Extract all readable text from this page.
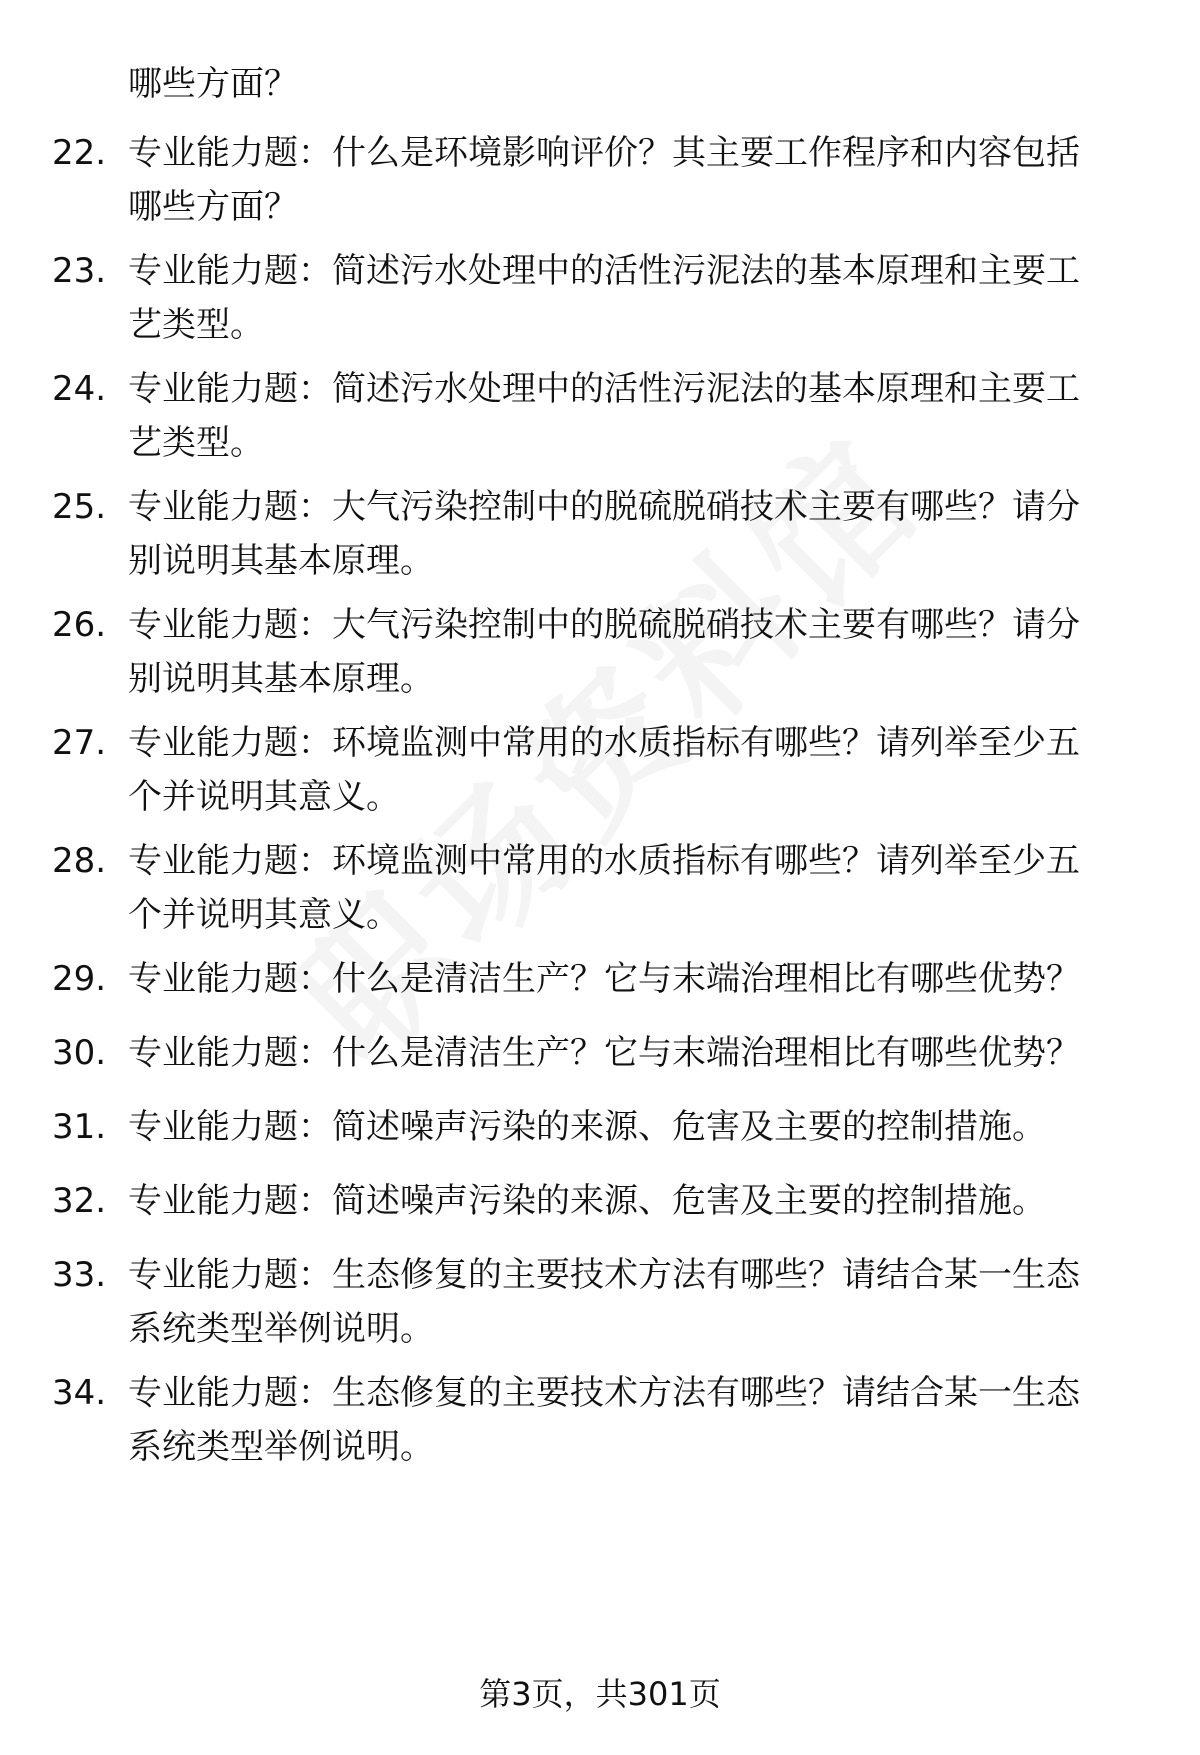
哪些方面？
22. 专业能力题：什么是环境影响评价？其主要工作程序和内容包括
哪些方面？
23. 专业能力题：简述污水处理中的活性污泥法的基本原理和主要工
艺类型。
24. 专业能力题：简述污水处理中的活性污泥法的基本原理和主要工
艺类型。
25. 专业能力题：大气污染控制中的脱硫脱硝技术主要有哪些？请分
别说明其基本原理。
26. 专业能力题：大气污染控制中的脱硫脱硝技术主要有哪些？请分
别说明其基本原理。
27. 专业能力题：环境监测中常用的水质指标有哪些？请列举至少五
个并说明其意义。
28. 专业能力题：环境监测中常用的水质指标有哪些？请列举至少五
个并说明其意义。
29. 专业能力题：什么是清洁生产？它与末端治理相比有哪些优势？
30. 专业能力题：什么是清洁生产？它与末端治理相比有哪些优势？
31. 专业能力题：简述噪声污染的来源、危害及主要的控制措施。
32. 专业能力题：简述噪声污染的来源、危害及主要的控制措施。
33. 专业能力题：生态修复的主要技术方法有哪些？请结合某一生态
系统类型举例说明。
34. 专业能力题：生态修复的主要技术方法有哪些？请结合某一生态
系统类型举例说明。
第3页，共301页
